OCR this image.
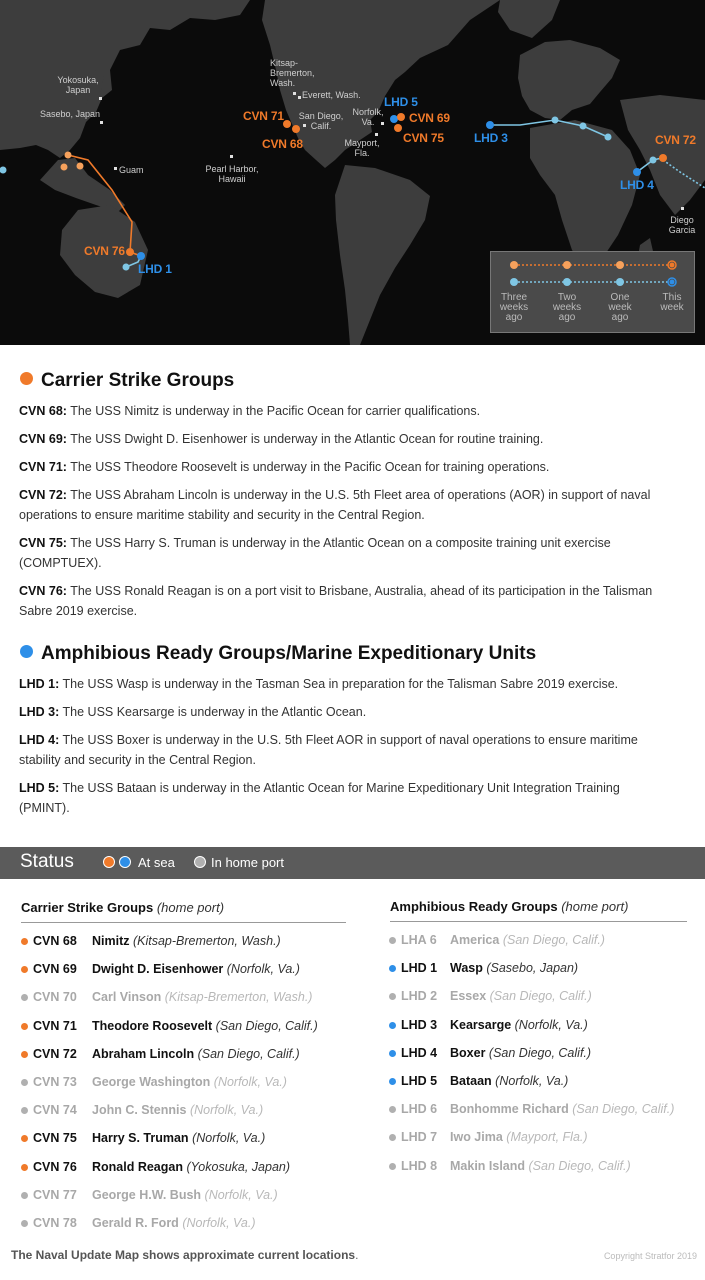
Yokosuka,
Japan
Sasebo, Japan
Guam	Pearl Harbor,
Hawaii
Kitsap-
Bremerton,
Wash.
Everett, Wash.
San Diego,
Calif.
Norfolk,
Va.
Mayport,
Fla.
Diego
Garcia
CVN 71
CVN 68
CVN 69
CVN 75	CVN 72
CVN 76
LHD 5
LHD 3
LHD 4
LHD 1
Three
weeks
ago
Two
weeks
ago
One
week
ago
This
week
Carrier Strike Groups
CVN 68: The USS Nimitz is underway in the Pacific Ocean for carrier qualifications.
CVN 69: The USS Dwight D. Eisenhower is underway in the Atlantic Ocean for routine training.
CVN 71: The USS Theodore Roosevelt is underway in the Pacific Ocean for training operations.
CVN 72: The USS Abraham Lincoln is underway in the U.S. 5th Fleet area of operations (AOR) in support of naval operations to ensure maritime stability and security in the Central Region.
CVN 75: The USS Harry S. Truman is underway in the Atlantic Ocean on a composite training unit exercise (COMPTUEX).
CVN 76: The USS Ronald Reagan is on a port visit to Brisbane, Australia, ahead of its participation in the Talisman Sabre 2019 exercise.
Amphibious Ready Groups/Marine Expeditionary Units
LHD 1: The USS Wasp is underway in the Tasman Sea in preparation for the Talisman Sabre 2019 exercise.
LHD 3: The USS Kearsarge is underway in the Atlantic Ocean.
LHD 4: The USS Boxer is underway in the U.S. 5th Fleet AOR in support of naval operations to ensure maritime stability and security in the Central Region.
LHD 5: The USS Bataan is underway in the Atlantic Ocean for Marine Expeditionary Unit Integration Training (PMINT).
Status	At sea	In home port
Carrier Strike Groups (home port)	Amphibious Ready Groups (home port)
CVN 68 Nimitz (Kitsap-Bremerton, Wash.)
CVN 69 Dwight D. Eisenhower (Norfolk, Va.)
CVN 70 Carl Vinson (Kitsap-Bremerton, Wash.)
CVN 71 Theodore Roosevelt (San Diego, Calif.)
CVN 72 Abraham Lincoln (San Diego, Calif.)
CVN 73 George Washington (Norfolk, Va.)
CVN 74 John C. Stennis (Norfolk, Va.)
CVN 75 Harry S. Truman (Norfolk, Va.)
CVN 76 Ronald Reagan (Yokosuka, Japan)
CVN 77 George H.W. Bush (Norfolk, Va.)
CVN 78 Gerald R. Ford (Norfolk, Va.)
LHA 6 America (San Diego, Calif.)
LHD 1 Wasp (Sasebo, Japan)
LHD 2 Essex (San Diego, Calif.)
LHD 3 Kearsarge (Norfolk, Va.)
LHD 4 Boxer (San Diego, Calif.)
LHD 5 Bataan (Norfolk, Va.)
LHD 6 Bonhomme Richard (San Diego, Calif.)
LHD 7 Iwo Jima (Mayport, Fla.)
LHD 8 Makin Island (San Diego, Calif.)
The Naval Update Map shows approximate current locations.	Copyright Stratfor 2019
